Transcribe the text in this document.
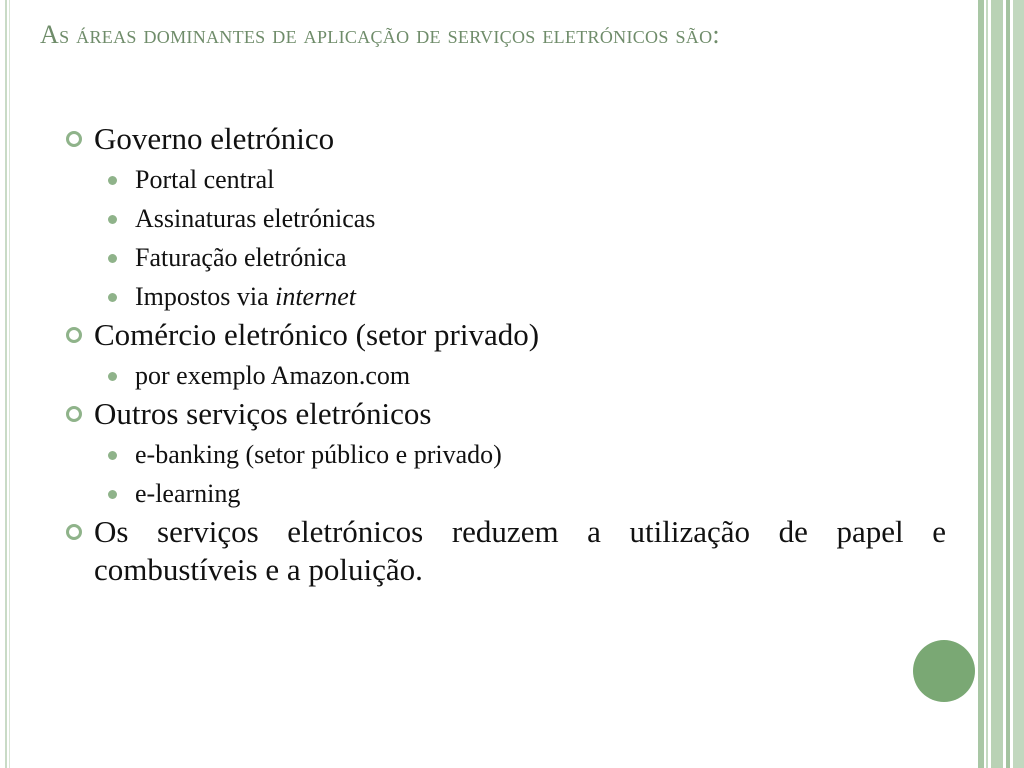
As áreas dominantes de aplicação de serviços eletrónicos são:
Governo eletrónico
Portal central
Assinaturas eletrónicas
Faturação eletrónica
Impostos via internet
Comércio eletrónico (setor privado)
por exemplo Amazon.com
Outros serviços eletrónicos
e-banking (setor público e privado)
e-learning
Os serviços eletrónicos reduzem a utilização de papel e combustíveis e a poluição.
